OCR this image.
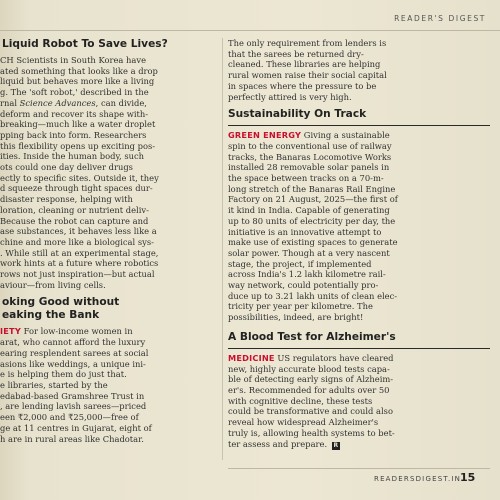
READER'S DIGEST
Liquid Robot To Save Lives?

CH Scientists in South Korea have
ated something that looks like a drop
liquid but behaves more like a living
g. The 'soft robot,' described in the
rnal Science Advances, can divide,
deform and recover its shape with-
breaking—much like a water droplet
pping back into form. Researchers
this flexibility opens up exciting pos-
ities. Inside the human body, such
ots could one day deliver drugs
ectly to specific sites. Outside it, they
d squeeze through tight spaces dur-
disaster response, helping with
loration, cleaning or nutrient deliv-
Because the robot can capture and
ase substances, it behaves less like a
chine and more like a biological sys-
. While still at an experimental stage,
work hints at a future where robotics
rows not just inspiration—but actual
aviour—from living cells.

oking Good without
eaking the Bank

IETY For low-income women in
arat, who cannot afford the luxury
earing resplendent sarees at social
asions like weddings, a unique ini-
e is helping them do just that.
e libraries, started by the
edabad-based Gramshree Trust in
, are lending lavish sarees—priced
een ₹2,000 and ₹25,000—free of
ge at 11 centres in Gujarat, eight of
h are in rural areas like Chadotar.

The only requirement from lenders is
that the sarees be returned dry-
cleaned. These libraries are helping
rural women raise their social capital
in spaces where the pressure to be
perfectly attired is very high.

Sustainability On Track

GREEN ENERGY Giving a sustainable
spin to the conventional use of railway
tracks, the Banaras Locomotive Works
installed 28 removable solar panels in
the space between tracks on a 70-m-
long stretch of the Banaras Rail Engine
Factory on 21 August, 2025—the first of
it kind in India. Capable of generating
up to 80 units of electricity per day, the
initiative is an innovative attempt to
make use of existing spaces to generate
solar power. Though at a very nascent
stage, the project, if implemented
across India's 1.2 lakh kilometre rail-
way network, could potentially pro-
duce up to 3.21 lakh units of clean elec-
tricity per year per kilometre. The
possibilities, indeed, are bright!

A Blood Test for Alzheimer's

MEDICINE US regulators have cleared
new, highly accurate blood tests capa-
ble of detecting early signs of Alzheim-
er's. Recommended for adults over 50
with cognitive decline, these tests
could be transformative and could also
reveal how widespread Alzheimer's
truly is, allowing health systems to bet-
ter assess and prepare. R

READERSDIGEST.IN
15
